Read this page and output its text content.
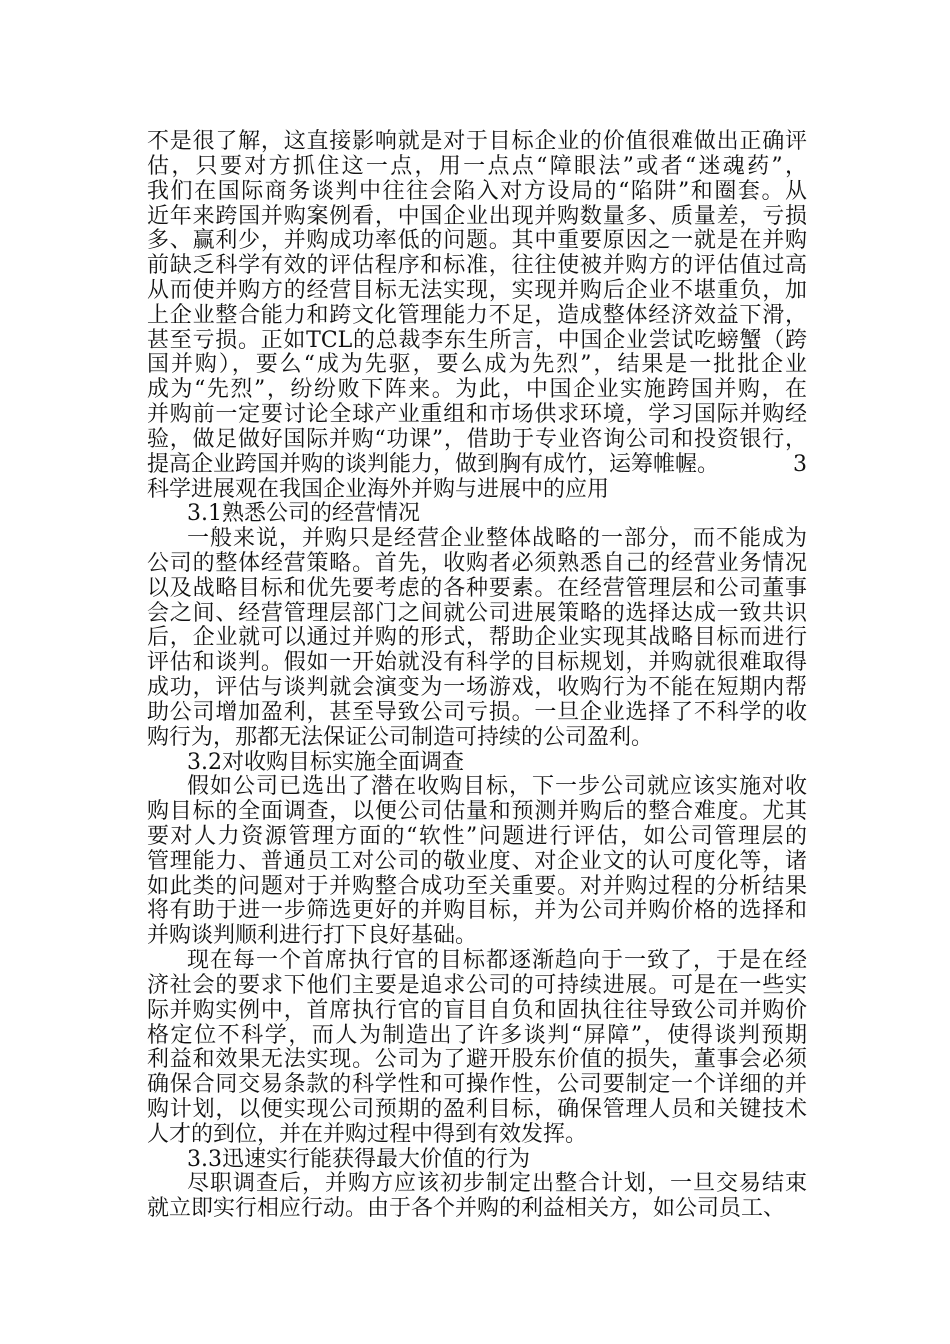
不是很了解，这直接影响就是对于目标企业的价值很难做出正确评
估，只要对方抓住这一点，用一点点“障眼法”或者“迷魂药”，
我们在国际商务谈判中往往会陷入对方设局的“陷阱”和圈套。从
近年来跨国并购案例看，中国企业出现并购数量多、质量差，亏损
多、赢利少，并购成功率低的问题。其中重要原因之一就是在并购
前缺乏科学有效的评估程序和标准，往往使被并购方的评估值过高
从而使并购方的经营目标无法实现，实现并购后企业不堪重负，加
上企业整合能力和跨文化管理能力不足，造成整体经济效益下滑，
甚至亏损。正如TCL的总裁李东生所言，中国企业尝试吃螃蟹（跨
国并购），要么“成为先驱，要么成为先烈”，结果是一批批企业
成为“先烈”，纷纷败下阵来。为此，中国企业实施跨国并购，在
并购前一定要讨论全球产业重组和市场供求环境，学习国际并购经
验，做足做好国际并购“功课”，借助于专业咨询公司和投资银行，
提高企业跨国并购的谈判能力，做到胸有成竹，运筹帷幄。	3
科学进展观在我国企业海外并购与进展中的应用
3.1熟悉公司的经营情况
一般来说，并购只是经营企业整体战略的一部分，而不能成为
公司的整体经营策略。首先，收购者必须熟悉自己的经营业务情况
以及战略目标和优先要考虑的各种要素。在经营管理层和公司董事
会之间、经营管理层部门之间就公司进展策略的选择达成一致共识
后，企业就可以通过并购的形式，帮助企业实现其战略目标而进行
评估和谈判。假如一开始就没有科学的目标规划，并购就很难取得
成功，评估与谈判就会演变为一场游戏，收购行为不能在短期内帮
助公司增加盈利，甚至导致公司亏损。一旦企业选择了不科学的收
购行为，那都无法保证公司制造可持续的公司盈利。
3.2对收购目标实施全面调查
假如公司已选出了潜在收购目标，下一步公司就应该实施对收
购目标的全面调查，以便公司估量和预测并购后的整合难度。尤其
要对人力资源管理方面的“软性”问题进行评估，如公司管理层的
管理能力、普通员工对公司的敬业度、对企业文的认可度化等，诸
如此类的问题对于并购整合成功至关重要。对并购过程的分析结果
将有助于进一步筛选更好的并购目标，并为公司并购价格的选择和
并购谈判顺利进行打下良好基础。
现在每一个首席执行官的目标都逐渐趋向于一致了，于是在经
济社会的要求下他们主要是追求公司的可持续进展。可是在一些实
际并购实例中，首席执行官的盲目自负和固执往往导致公司并购价
格定位不科学，而人为制造出了许多谈判“屏障”，使得谈判预期
利益和效果无法实现。公司为了避开股东价值的损失，董事会必须
确保合同交易条款的科学性和可操作性，公司要制定一个详细的并
购计划，以便实现公司预期的盈利目标，确保管理人员和关键技术
人才的到位，并在并购过程中得到有效发挥。
3.3迅速实行能获得最大价值的行为
尽职调查后，并购方应该初步制定出整合计划，一旦交易结束
就立即实行相应行动。由于各个并购的利益相关方，如公司员工、
